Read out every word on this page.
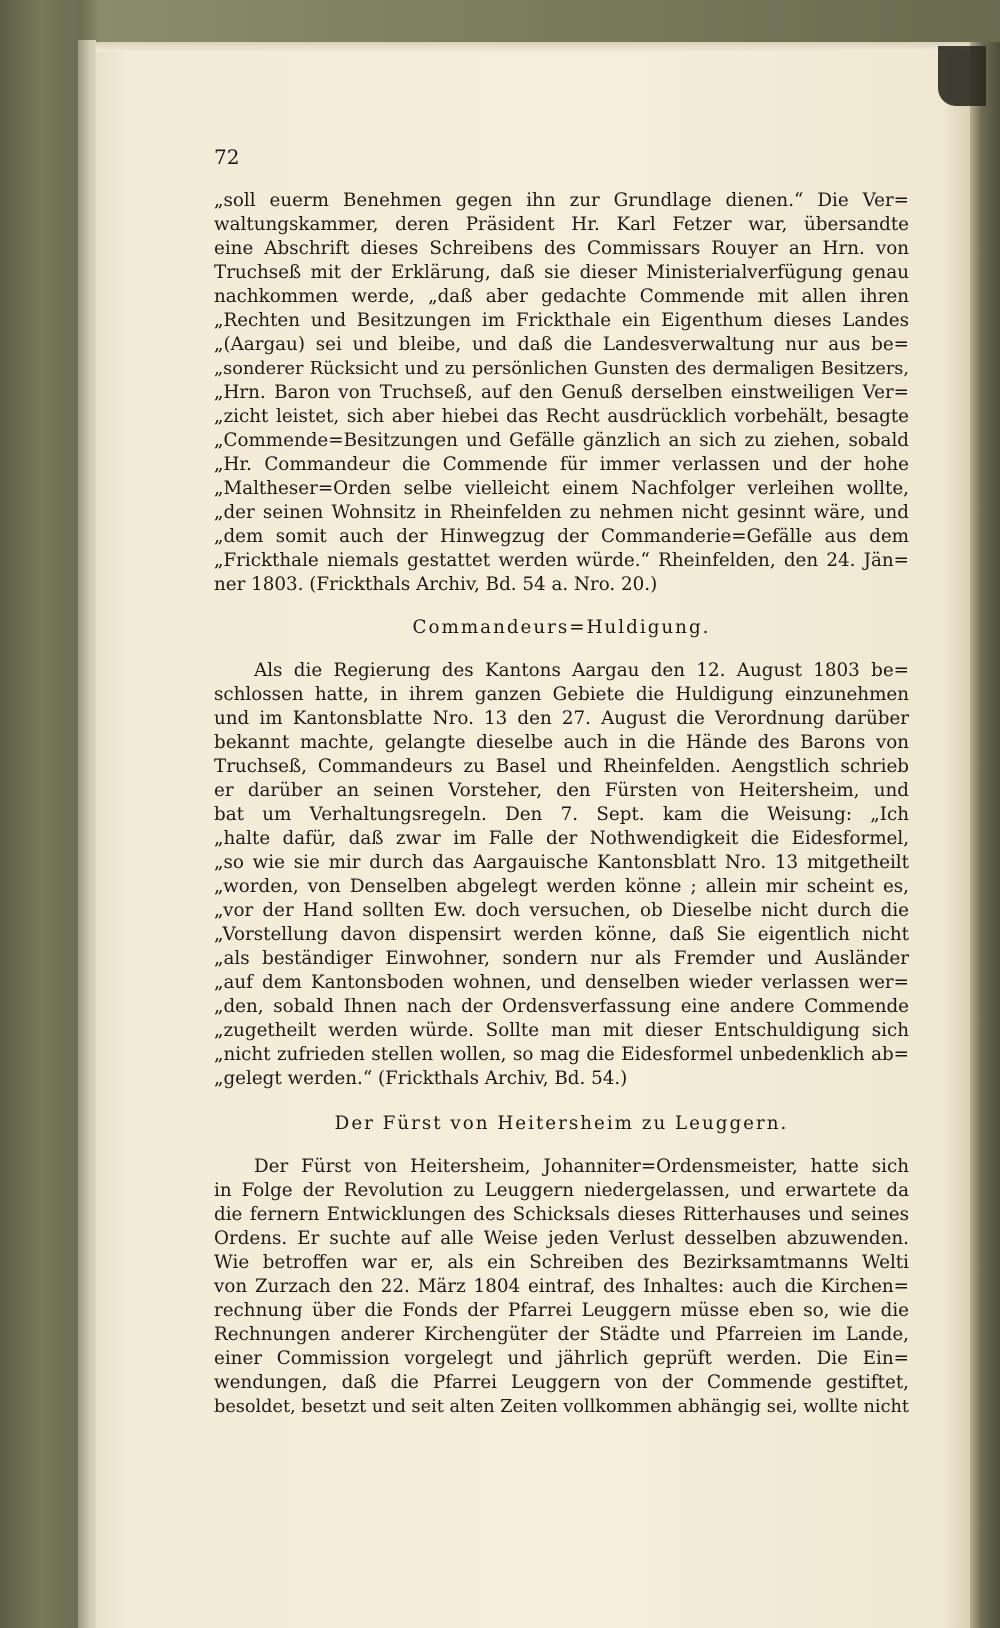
72
„soll euerm Benehmen gegen ihn zur Grundlage dienen.“ Die Ver=
waltungskammer, deren Präsident Hr. Karl Fetzer war, übersandte
eine Abschrift dieses Schreibens des Commissars Rouyer an Hrn. von
Truchseß mit der Erklärung, daß sie dieser Ministerialverfügung genau
nachkommen werde, „daß aber gedachte Commende mit allen ihren
„Rechten und Besitzungen im Frickthale ein Eigenthum dieses Landes
„(Aargau) sei und bleibe, und daß die Landesverwaltung nur aus be=
„sonderer Rücksicht und zu persönlichen Gunsten des dermaligen Besitzers,
„Hrn. Baron von Truchseß, auf den Genuß derselben einstweiligen Ver=
„zicht leistet, sich aber hiebei das Recht ausdrücklich vorbehält, besagte
„Commende=Besitzungen und Gefälle gänzlich an sich zu ziehen, sobald
„Hr. Commandeur die Commende für immer verlassen und der hohe
„Maltheser=Orden selbe vielleicht einem Nachfolger verleihen wollte,
„der seinen Wohnsitz in Rheinfelden zu nehmen nicht gesinnt wäre, und
„dem somit auch der Hinwegzug der Commanderie=Gefälle aus dem
„Frickthale niemals gestattet werden würde.“ Rheinfelden, den 24. Jän=
ner 1803. (Frickthals Archiv, Bd. 54 a. Nro. 20.)
Commandeurs=Huldigung.
Als die Regierung des Kantons Aargau den 12. August 1803 be=
schlossen hatte, in ihrem ganzen Gebiete die Huldigung einzunehmen
und im Kantonsblatte Nro. 13 den 27. August die Verordnung darüber
bekannt machte, gelangte dieselbe auch in die Hände des Barons von
Truchseß, Commandeurs zu Basel und Rheinfelden. Aengstlich schrieb
er darüber an seinen Vorsteher, den Fürsten von Heitersheim, und
bat um Verhaltungsregeln. Den 7. Sept. kam die Weisung: „Ich
„halte dafür, daß zwar im Falle der Nothwendigkeit die Eidesformel,
„so wie sie mir durch das Aargauische Kantonsblatt Nro. 13 mitgetheilt
„worden, von Denselben abgelegt werden könne ; allein mir scheint es,
„vor der Hand sollten Ew. doch versuchen, ob Dieselbe nicht durch die
„Vorstellung davon dispensirt werden könne, daß Sie eigentlich nicht
„als beständiger Einwohner, sondern nur als Fremder und Ausländer
„auf dem Kantonsboden wohnen, und denselben wieder verlassen wer=
„den, sobald Ihnen nach der Ordensverfassung eine andere Commende
„zugetheilt werden würde. Sollte man mit dieser Entschuldigung sich
„nicht zufrieden stellen wollen, so mag die Eidesformel unbedenklich ab=
„gelegt werden.“ (Frickthals Archiv, Bd. 54.)
Der Fürst von Heitersheim zu Leuggern.
Der Fürst von Heitersheim, Johanniter=Ordensmeister, hatte sich
in Folge der Revolution zu Leuggern niedergelassen, und erwartete da
die fernern Entwicklungen des Schicksals dieses Ritterhauses und seines
Ordens. Er suchte auf alle Weise jeden Verlust desselben abzuwenden.
Wie betroffen war er, als ein Schreiben des Bezirksamtmanns Welti
von Zurzach den 22. März 1804 eintraf, des Inhaltes: auch die Kirchen=
rechnung über die Fonds der Pfarrei Leuggern müsse eben so, wie die
Rechnungen anderer Kirchengüter der Städte und Pfarreien im Lande,
einer Commission vorgelegt und jährlich geprüft werden. Die Ein=
wendungen, daß die Pfarrei Leuggern von der Commende gestiftet,
besoldet, besetzt und seit alten Zeiten vollkommen abhängig sei, wollte nicht
